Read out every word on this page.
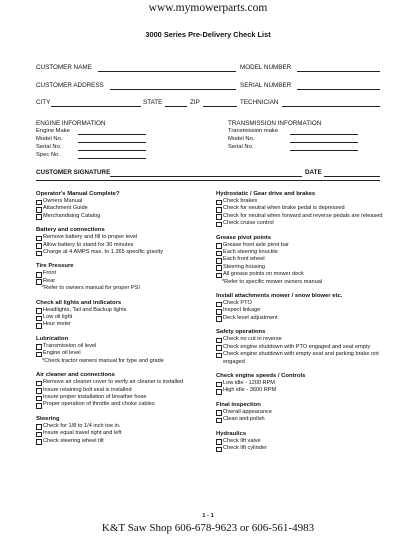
www.mymowerparts.com
3000 Series Pre-Delivery Check List
CUSTOMER NAME	MODEL NUMBER
CUSTOMER ADDRESS	SERIAL NUMBER
CITY	STATE	ZIP	TECHNICIAN
ENGINE INFORMATION
Engine Make
Model No.
Serial No.
Spec No.
TRANSMISSION INFORMATION
Transmission make
Model No.
Serial No.
CUSTOMER SIGNATURE	DATE
Operator's Manual Complete?
Owners Manual
Attachment Guide
Merchandising Catalog
Battery and connections
Remove battery and fill to proper level
Allow battery to stand for 30 minutes
Charge at 4 AMPS max. to 1.265 specific gravity
Tire Pressure
Front
Rear
*Refer to owners manual for proper PSI
Check all lights and indicators
Headlights, Tail and Backup lights
Low oil light
Hour meter
Lubrication
Transmission oil level
Engine oil level
*Check tractor owners manual for type and grade
Air cleaner and connections
Remove air cleaner cover to verify air cleaner is installed
Insure retaining bolt seal is installed
Insure proper installation of breather hose
Proper operation of throttle and choke cables
Steering
Check for 1/8 to 1/4 inch toe in.
Insure equal travel right and left
Check steering wheel tilt
Hydrostatic / Gear drive and brakes
Check brakes
Check for neutral when brake pedal is depressed
Check for neutral when forward and reverse pedals are released
Check cruise control
Grease pivot points
Grease front axle pivot bar
Each steering knuckle
Each front wheel
Steering housing
All grease points on mower deck
*Refer to specific mower owners manual
Install attachments mower / snow blower etc.
Check PTO
Inspect linkage
Deck level adjustment
Safety operations
Check no cut in reverse
Check engine shutdown with PTO engaged and seat empty
Check engine shutdown with empty seat and parking brake not engaged
Check engine speeds / Controls
Low idle - 1200 RPM
High idle - 3600 RPM
Final inspection
Overall appearance
Clean and polish
Hydraulics
Check lift valve
Check lift cylinder
1 - 1
K&T Saw Shop 606-678-9623 or 606-561-4983
